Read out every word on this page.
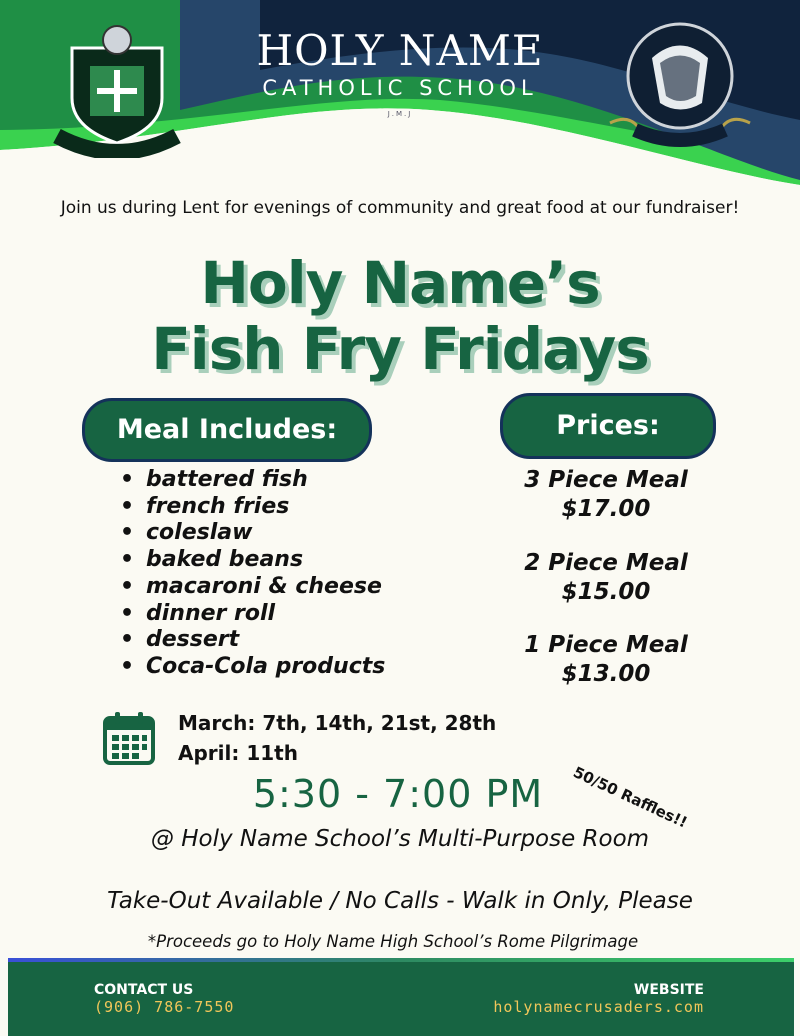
HOLY NAME
CATHOLIC SCHOOL
J.M.J
Join us during Lent for evenings of community and great food at our fundraiser!
Holy Name’s
Fish Fry Fridays
Meal Includes:
• battered fish
• french fries
• coleslaw
• baked beans
• macaroni & cheese
• dinner roll
• dessert
• Coca-Cola products
Prices:
3 Piece Meal
$17.00
2 Piece Meal
$15.00
1 Piece Meal
$13.00
March: 7th, 14th, 21st, 28th
April: 11th
50/50 Raffles!!
5:30 - 7:00 PM
@ Holy Name School’s Multi-Purpose Room
Take-Out Available / No Calls - Walk in Only, Please
*Proceeds go to Holy Name High School’s Rome Pilgrimage
CONTACT US
(906) 786-7550
WEBSITE
holynamecrusaders.com
